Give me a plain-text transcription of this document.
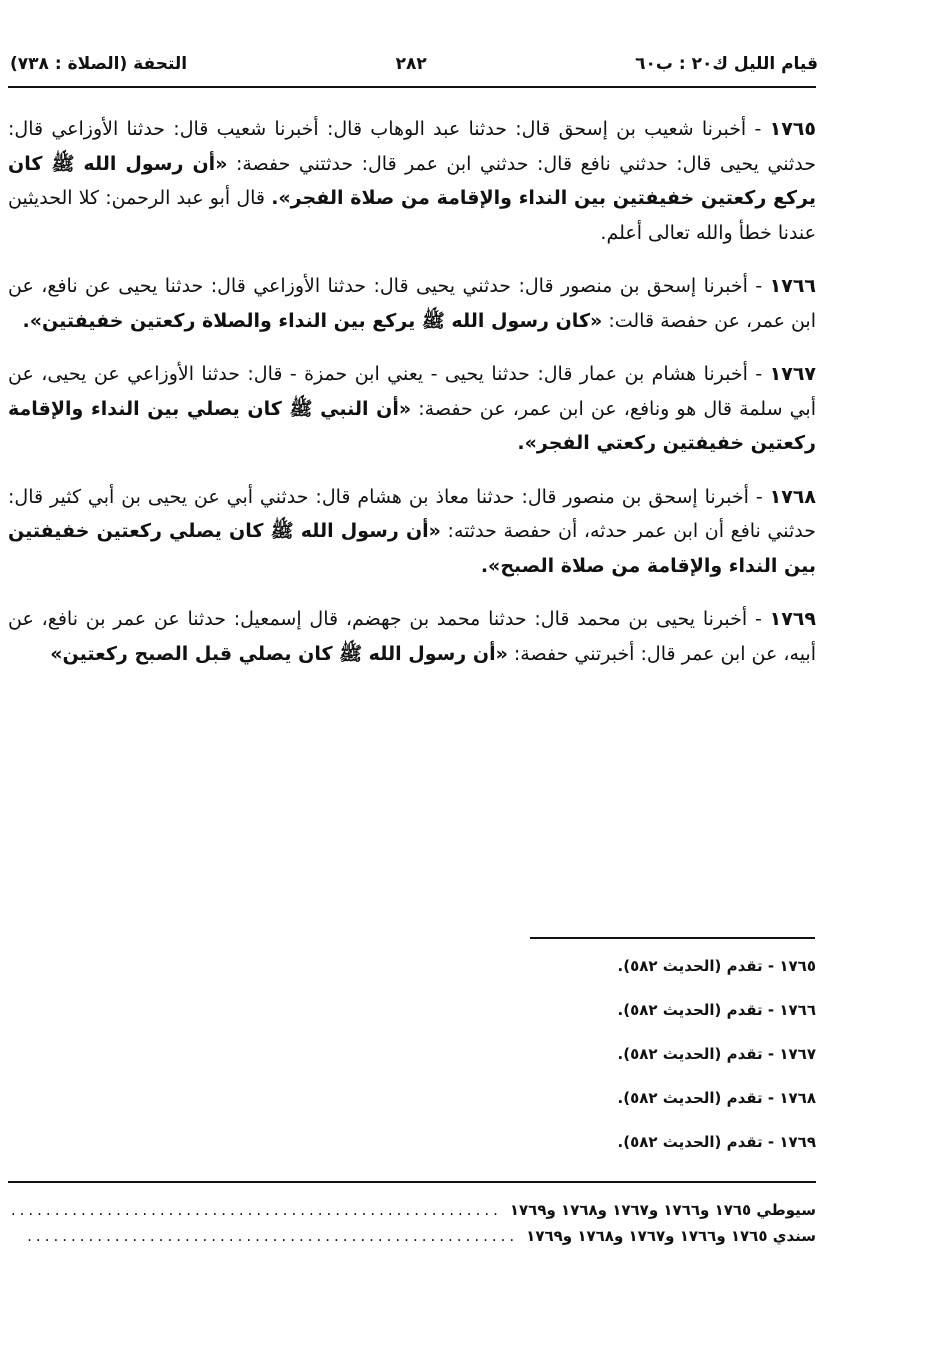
قيام الليل ك٢٠ : ب٦٠
٢٨٢
التحفة (الصلاة : ٧٣٨)

١٧٦٥ - أخبرنا شعيب بن إسحق قال: حدثنا عبد الوهاب قال: أخبرنا شعيب قال: حدثنا الأوزاعي قال: حدثني يحيى قال: حدثني نافع قال: حدثني ابن عمر قال: حدثتني حفصة: «أن رسول الله ﷺ كان يركع ركعتين خفيفتين بين النداء والإقامة من صلاة الفجر». قال أبو عبد الرحمن: كلا الحديثين عندنا خطأ والله تعالى أعلم.

١٧٦٦ - أخبرنا إسحق بن منصور قال: حدثني يحيى قال: حدثنا الأوزاعي قال: حدثنا يحيى عن نافع، عن ابن عمر، عن حفصة قالت: «كان رسول الله ﷺ يركع بين النداء والصلاة ركعتين خفيفتين».

١٧٦٧ - أخبرنا هشام بن عمار قال: حدثنا يحيى - يعني ابن حمزة - قال: حدثنا الأوزاعي عن يحيى، عن أبي سلمة قال هو ونافع، عن ابن عمر، عن حفصة: «أن النبي ﷺ كان يصلي بين النداء والإقامة ركعتين خفيفتين ركعتي الفجر».

١٧٦٨ - أخبرنا إسحق بن منصور قال: حدثنا معاذ بن هشام قال: حدثني أبي عن يحيى بن أبي كثير قال: حدثني نافع أن ابن عمر حدثه، أن حفصة حدثته: «أن رسول الله ﷺ كان يصلي ركعتين خفيفتين بين النداء والإقامة من صلاة الصبح».

١٧٦٩ - أخبرنا يحيى بن محمد قال: حدثنا محمد بن جهضم، قال إسمعيل: حدثنا عن عمر بن نافع، عن أبيه، عن ابن عمر قال: أخبرتني حفصة: «أن رسول الله ﷺ كان يصلي قبل الصبح ركعتين»

١٧٦٥ - تقدم (الحديث ٥٨٢).
١٧٦٦ - تقدم (الحديث ٥٨٢).
١٧٦٧ - تقدم (الحديث ٥٨٢).
١٧٦٨ - تقدم (الحديث ٥٨٢).
١٧٦٩ - تقدم (الحديث ٥٨٢).
سيوطي ١٧٦٥ و١٧٦٦ و١٧٦٧ و١٧٦٨ و١٧٦٩
........................................................
سندي ١٧٦٥ و١٧٦٦ و١٧٦٧ و١٧٦٨ و١٧٦٩
........................................................
